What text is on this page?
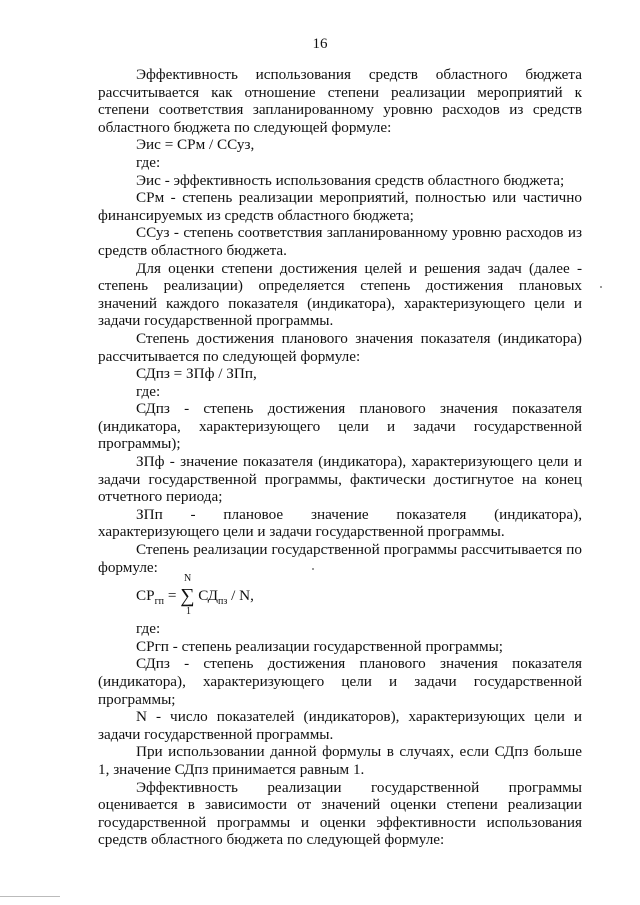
16

Эффективность использования средств областного бюджета рассчитывается как отношение степени реализации мероприятий к степени соответствия запланированному уровню расходов из средств областного бюджета по следующей формуле:

Эис = СРм / ССуз,

где:

Эис - эффективность использования средств областного бюджета;

СРм - степень реализации мероприятий, полностью или частично финансируемых из средств областного бюджета;

ССуз - степень соответствия запланированному уровню расходов из средств областного бюджета.

Для оценки степени достижения целей и решения задач (далее - степень реализации) определяется степень достижения плановых значений каждого показателя (индикатора), характеризующего цели и задачи государственной программы.

Степень достижения планового значения показателя (индикатора) рассчитывается по следующей формуле:

СДпз = ЗПф / ЗПп,

где:

СДпз - степень достижения планового значения показателя (индикатора, характеризующего цели и задачи государственной программы);

ЗПф - значение показателя (индикатора), характеризующего цели и задачи государственной программы, фактически достигнутое на конец отчетного периода;

ЗПп - плановое значение показателя (индикатора), характеризующего цели и задачи государственной программы.

Степень реализации государственной программы рассчитывается по формуле:

N
$СР_{гп}$ = ∑ $СД_{пз}$ / N,
1

где:

СРгп - степень реализации государственной программы;

СДпз - степень достижения планового значения показателя (индикатора), характеризующего цели и задачи государственной программы;

N - число показателей (индикаторов), характеризующих цели и задачи государственной программы.

При использовании данной формулы в случаях, если СДпз больше 1, значение СДпз принимается равным 1.

Эффективность реализации государственной программы оценивается в зависимости от значений оценки степени реализации государственной программы и оценки эффективности использования средств областного бюджета по следующей формуле:
